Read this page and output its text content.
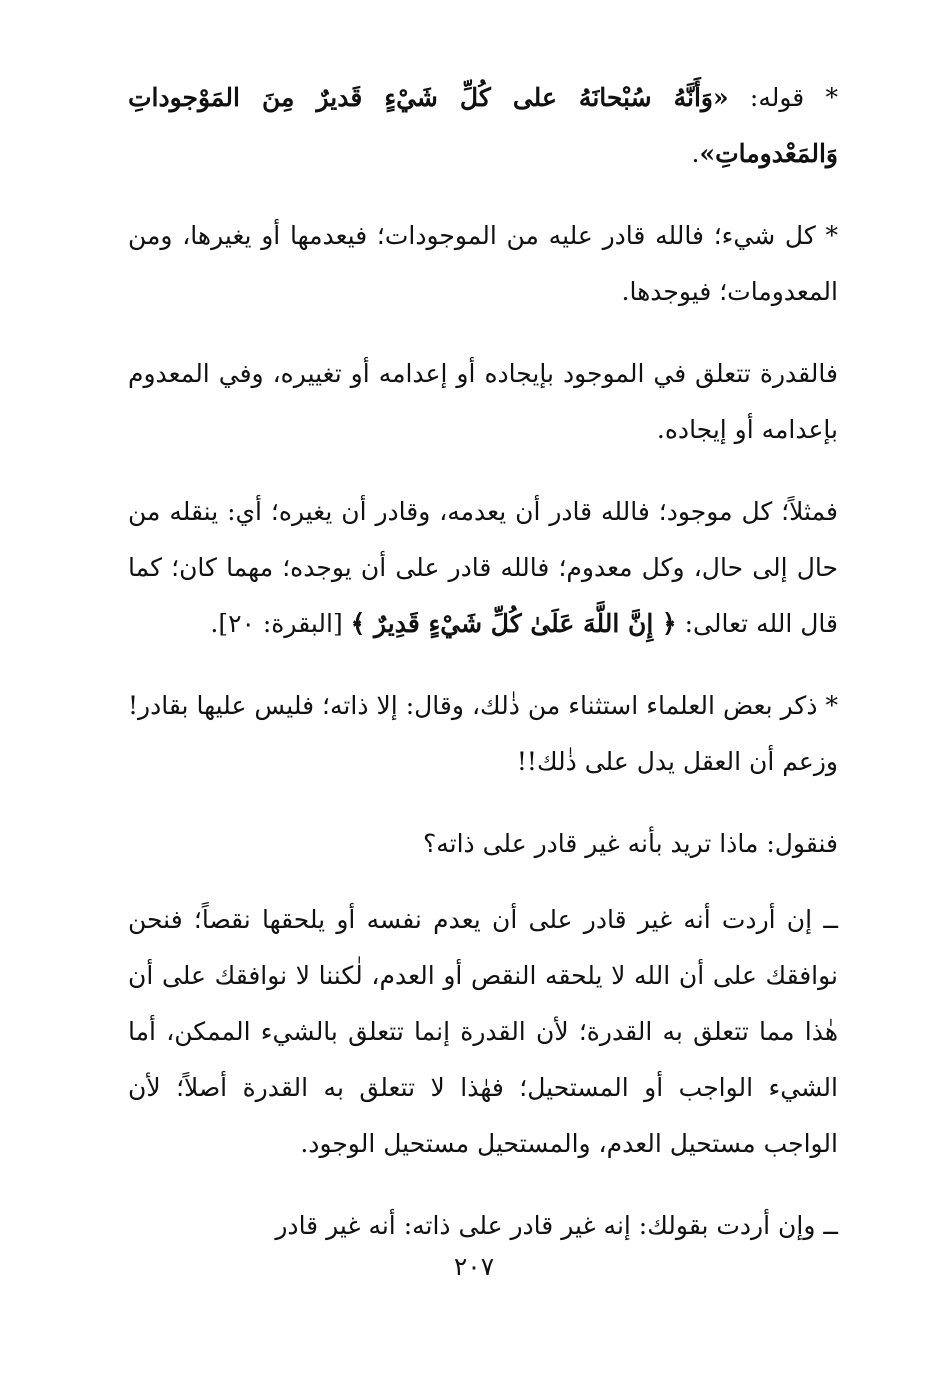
* قوله: «وَأَنَّهُ سُبْحانَهُ على كُلِّ شَيْءٍ قَديرٌ مِنَ المَوْجوداتِ وَالمَعْدوماتِ».

* كل شيء؛ فالله قادر عليه من الموجودات؛ فيعدمها أو يغيرها، ومن المعدومات؛ فيوجدها.

فالقدرة تتعلق في الموجود بإيجاده أو إعدامه أو تغييره، وفي المعدوم بإعدامه أو إيجاده.

فمثلاً؛ كل موجود؛ فالله قادر أن يعدمه، وقادر أن يغيره؛ أي: ينقله من حال إلى حال، وكل معدوم؛ فالله قادر على أن يوجده؛ مهما كان؛ كما قال الله تعالى: ﴿ إِنَّ اللَّهَ عَلَىٰ كُلِّ شَيْءٍ قَدِيرٌ ﴾ [البقرة: ٢٠].

* ذكر بعض العلماء استثناء من ذٰلك، وقال: إلا ذاته؛ فليس عليها بقادر! وزعم أن العقل يدل على ذٰلك!!

فنقول: ماذا تريد بأنه غير قادر على ذاته؟

ــ إن أردت أنه غير قادر على أن يعدم نفسه أو يلحقها نقصاً؛ فنحن نوافقك على أن الله لا يلحقه النقص أو العدم، لٰكننا لا نوافقك على أن هٰذا مما تتعلق به القدرة؛ لأن القدرة إنما تتعلق بالشيء الممكن، أما الشيء الواجب أو المستحيل؛ فهٰذا لا تتعلق به القدرة أصلاً؛ لأن الواجب مستحيل العدم، والمستحيل مستحيل الوجود.

ــ وإن أردت بقولك: إنه غير قادر على ذاته: أنه غير قادر

٢٠٧
